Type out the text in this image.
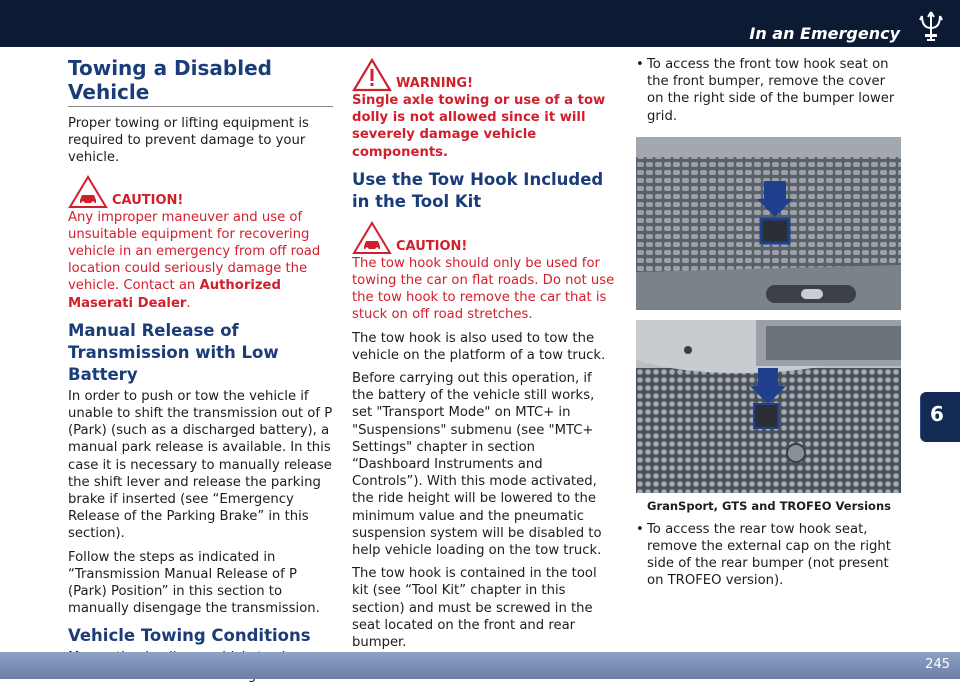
In an Emergency
6
Towing a Disabled Vehicle

Proper towing or lifting equipment is required to prevent damage to your vehicle.

CAUTION!

Any improper maneuver and use of unsuitable equipment for recovering vehicle in an emergency from off road location could seriously damage the vehicle. Contact an Authorized Maserati Dealer.

Manual Release of Transmission with Low Battery

In order to push or tow the vehicle if unable to shift the transmission out of P (Park) (such as a discharged battery), a manual park release is available. In this case it is necessary to manually release the shift lever and release the parking brake if inserted (see “Emergency Release of the Parking Brake” in this section).

Follow the steps as indicated in “Transmission Manual Release of P (Park) Position” in this section to manually disengage the transmission.

Vehicle Towing Conditions

WARNING!

Single axle towing or use of a tow dolly is not allowed since it will severely damage vehicle components.

Use the Tow Hook Included in the Tool Kit
CAUTION!

The tow hook should only be used for towing the car on flat roads. Do not use the tow hook to remove the car that is stuck on off road stretches.

The tow hook is also used to tow the vehicle on the platform of a tow truck.

Before carrying out this operation, if the battery of the vehicle still works, set "Transport Mode" on MTC+ in "Suspensions" submenu (see "MTC+ Settings" chapter in section “Dashboard Instruments and Controls”). With this mode activated, the ride height will be lowered to the minimum value and the pneumatic suspension system will be disabled to help vehicle loading on the tow truck.

The tow hook is contained in the tool kit (see “Tool Kit” chapter in this section) and must be screwed in the seat located on the front and rear bumper.

• To access the front tow hook seat on the front bumper, remove the cover on the right side of the bumper lower grid.
GranSport, GTS and TROFEO Versions
• To access the rear tow hook seat, remove the external cap on the right side of the rear bumper (not present on TROFEO version).
245
